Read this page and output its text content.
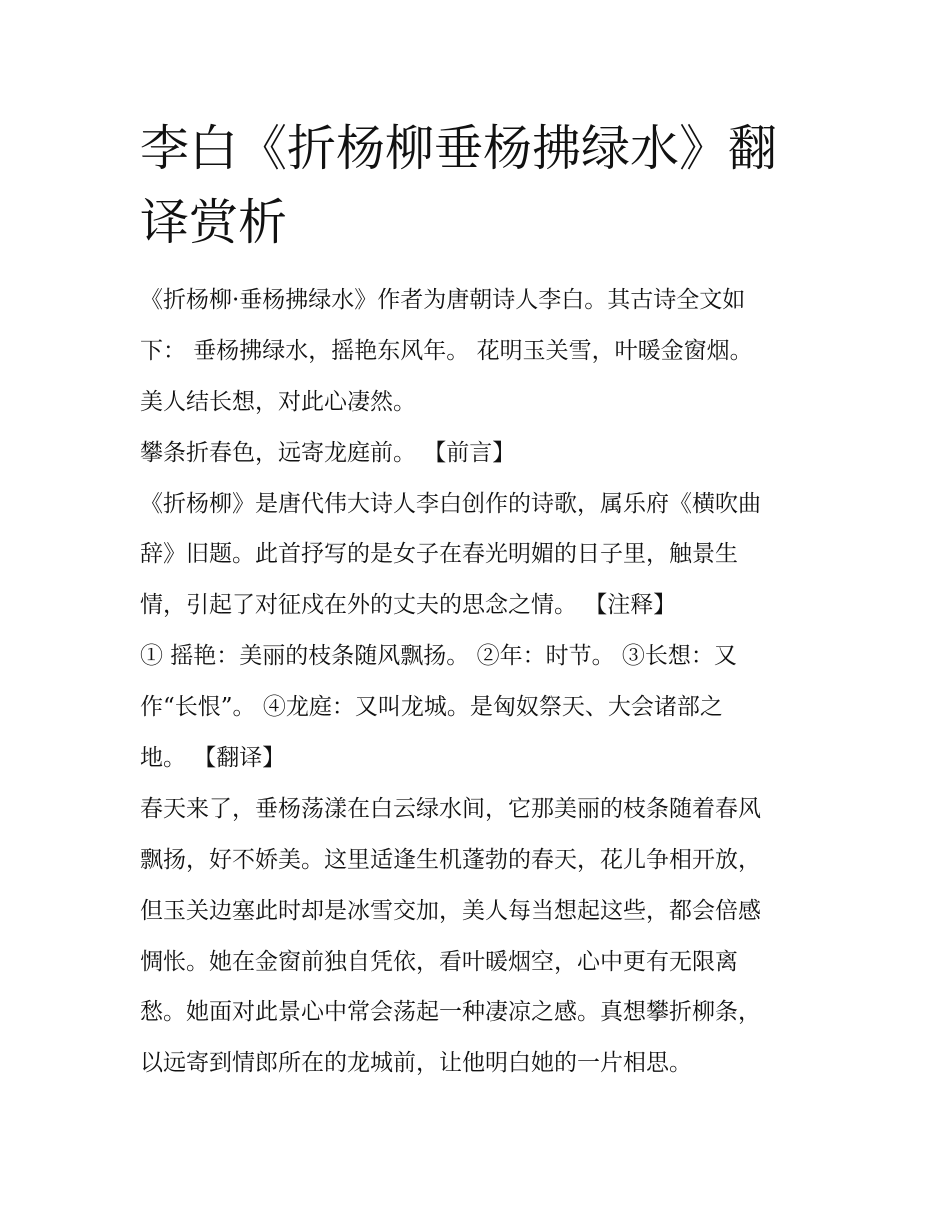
李白《折杨柳垂杨拂绿水》翻
译赏析
《折杨柳·垂杨拂绿水》作者为唐朝诗人李白。其古诗全文如
下： 垂杨拂绿水，摇艳东风年。 花明玉关雪，叶暖金窗烟。
美人结长想，对此心凄然。
攀条折春色，远寄龙庭前。 【前言】
《折杨柳》是唐代伟大诗人李白创作的诗歌，属乐府《横吹曲
辞》旧题。此首抒写的是女子在春光明媚的日子里，触景生
情，引起了对征戍在外的丈夫的思念之情。 【注释】
① 摇艳：美丽的枝条随风飘扬。 ②年：时节。 ③长想：又
作“长恨”。 ④龙庭：又叫龙城。是匈奴祭天、大会诸部之
地。 【翻译】
春天来了，垂杨荡漾在白云绿水间，它那美丽的枝条随着春风
飘扬，好不娇美。这里适逢生机蓬勃的春天，花儿争相开放，
但玉关边塞此时却是冰雪交加，美人每当想起这些，都会倍感
惆怅。她在金窗前独自凭依，看叶暖烟空，心中更有无限离
愁。她面对此景心中常会荡起一种凄凉之感。真想攀折柳条，
以远寄到情郎所在的龙城前，让他明白她的一片相思。
